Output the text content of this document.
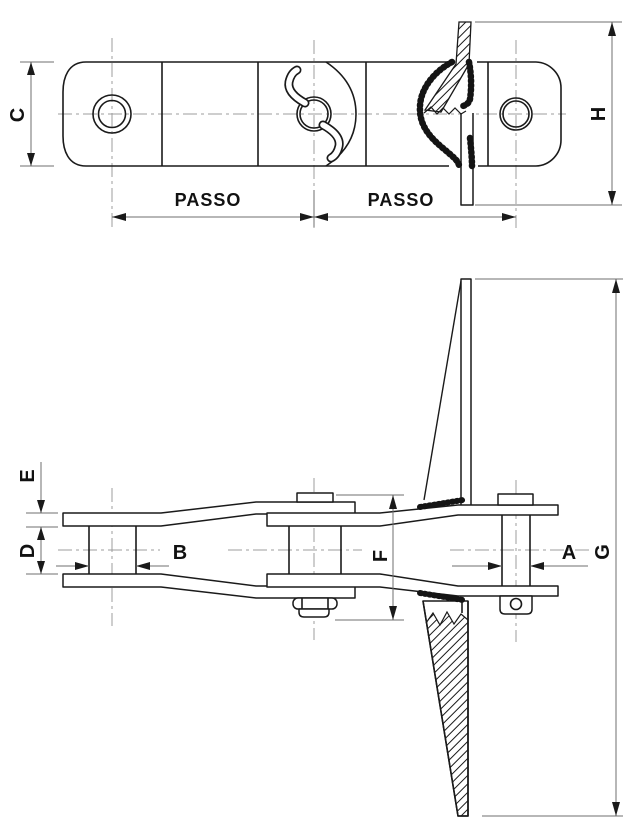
C	H
PASSO	PASSO
E
D	B	F	A G
